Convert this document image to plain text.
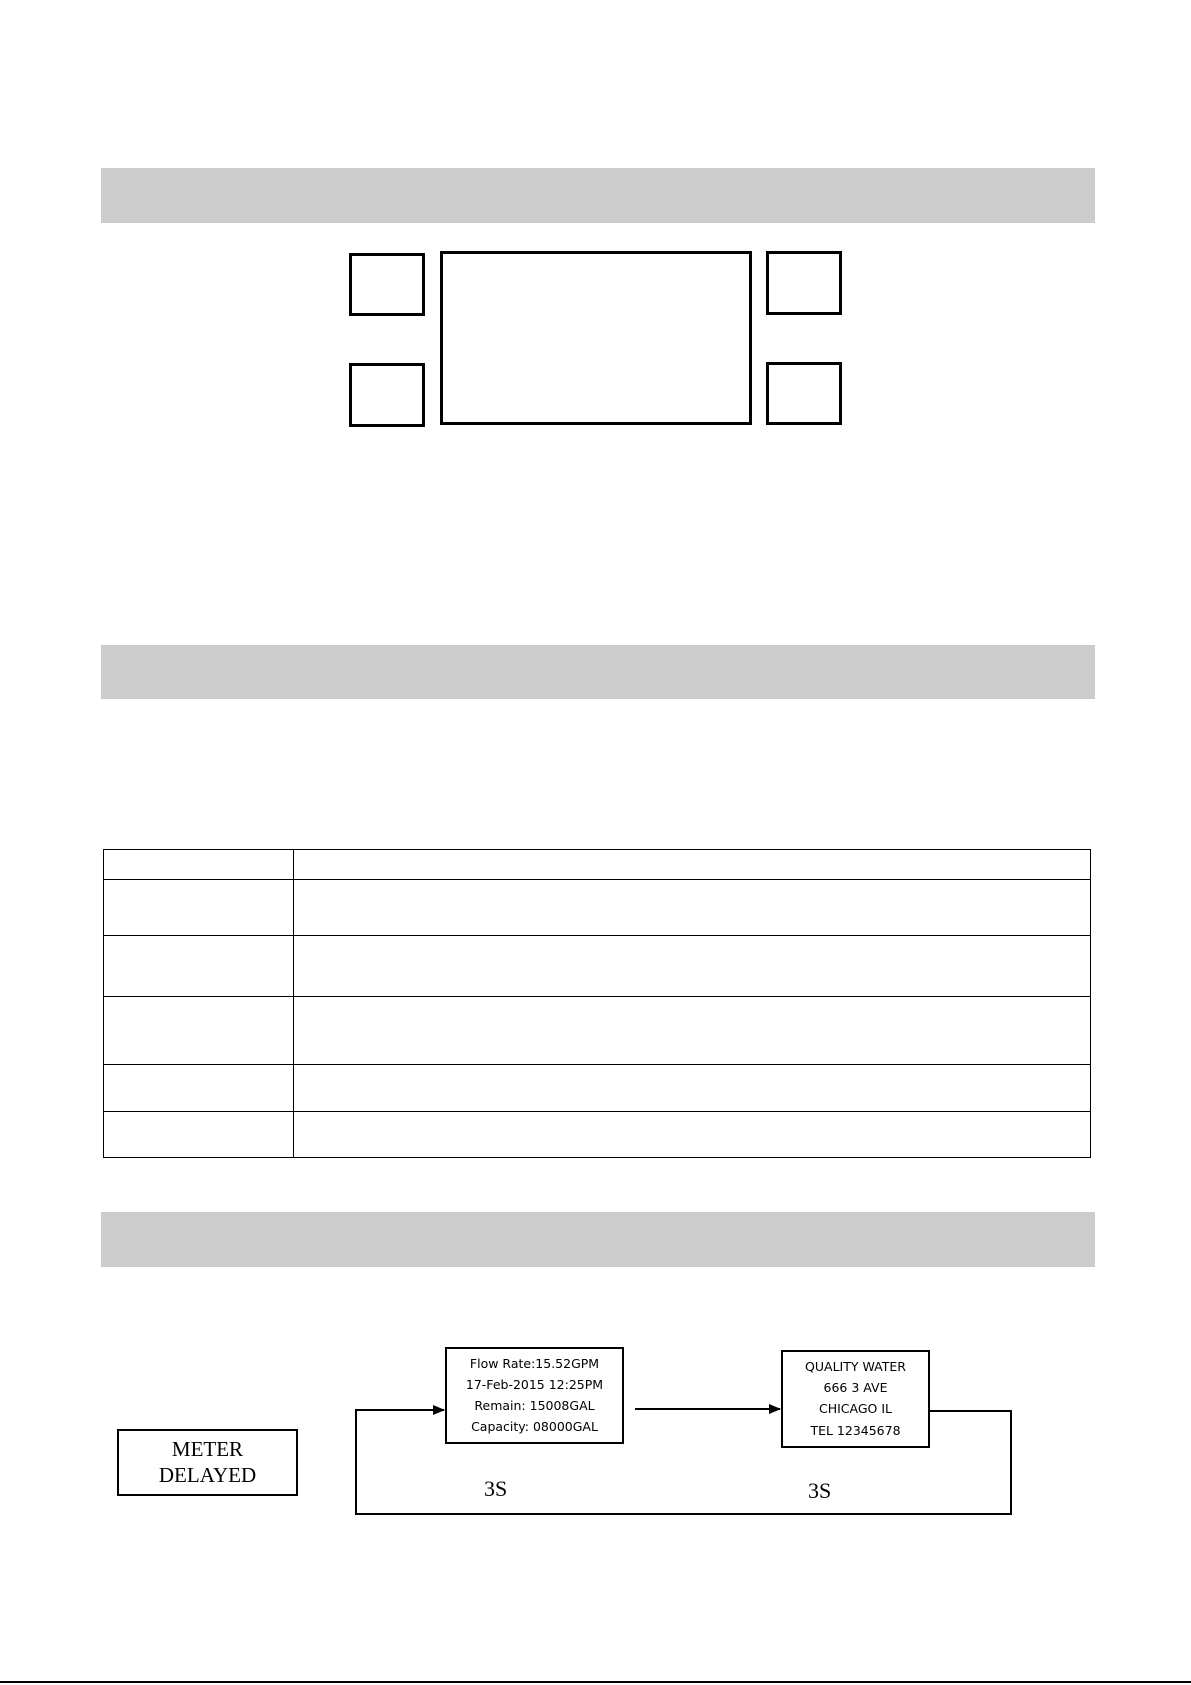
METER
DELAYED
Flow Rate:15.52GPM
17-Feb-2015 12:25PM
Remain: 15008GAL
Capacity: 08000GAL
QUALITY WATER
666 3 AVE
CHICAGO IL
TEL 12345678
3S	3S
